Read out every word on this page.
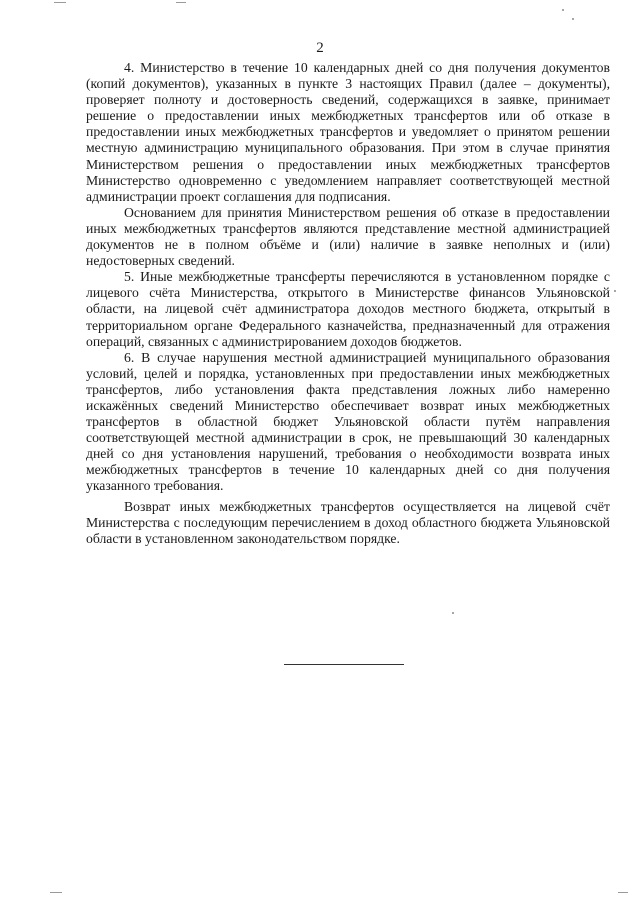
2

4. Министерство в течение 10 календарных дней со дня получения документов (копий документов), указанных в пункте 3 настоящих Правил (далее – документы), проверяет полноту и достоверность сведений, содержащихся в заявке, принимает решение о предоставлении иных межбюджетных трансфертов или об отказе в предоставлении иных межбюджетных трансфертов и уведомляет о принятом решении местную администрацию муниципального образования. При этом в случае принятия Министерством решения о предоставлении иных межбюджетных трансфертов Министерство одновременно с уведомлением направляет соответствующей местной администрации проект соглашения для подписания.

Основанием для принятия Министерством решения об отказе в предоставлении иных межбюджетных трансфертов являются представление местной администрацией документов не в полном объёме и (или) наличие в заявке неполных и (или) недостоверных сведений.

5. Иные межбюджетные трансферты перечисляются в установленном порядке с лицевого счёта Министерства, открытого в Министерстве финансов Ульяновской области, на лицевой счёт администратора доходов местного бюджета, открытый в территориальном органе Федерального казначейства, предназначенный для отражения операций, связанных с администрированием доходов бюджетов.

6. В случае нарушения местной администрацией муниципального образования условий, целей и порядка, установленных при предоставлении иных межбюджетных трансфертов, либо установления факта представления ложных либо намеренно искажённых сведений Министерство обеспечивает возврат иных межбюджетных трансфертов в областной бюджет Ульяновской области путём направления соответствующей местной администрации в срок, не превышающий 30 календарных дней со дня установления нарушений, требования о необходимости возврата иных межбюджетных трансфертов в течение 10 календарных дней со дня получения указанного требования.

Возврат иных межбюджетных трансфертов осуществляется на лицевой счёт Министерства с последующим перечислением в доход областного бюджета Ульяновской области в установленном законодательством порядке.
